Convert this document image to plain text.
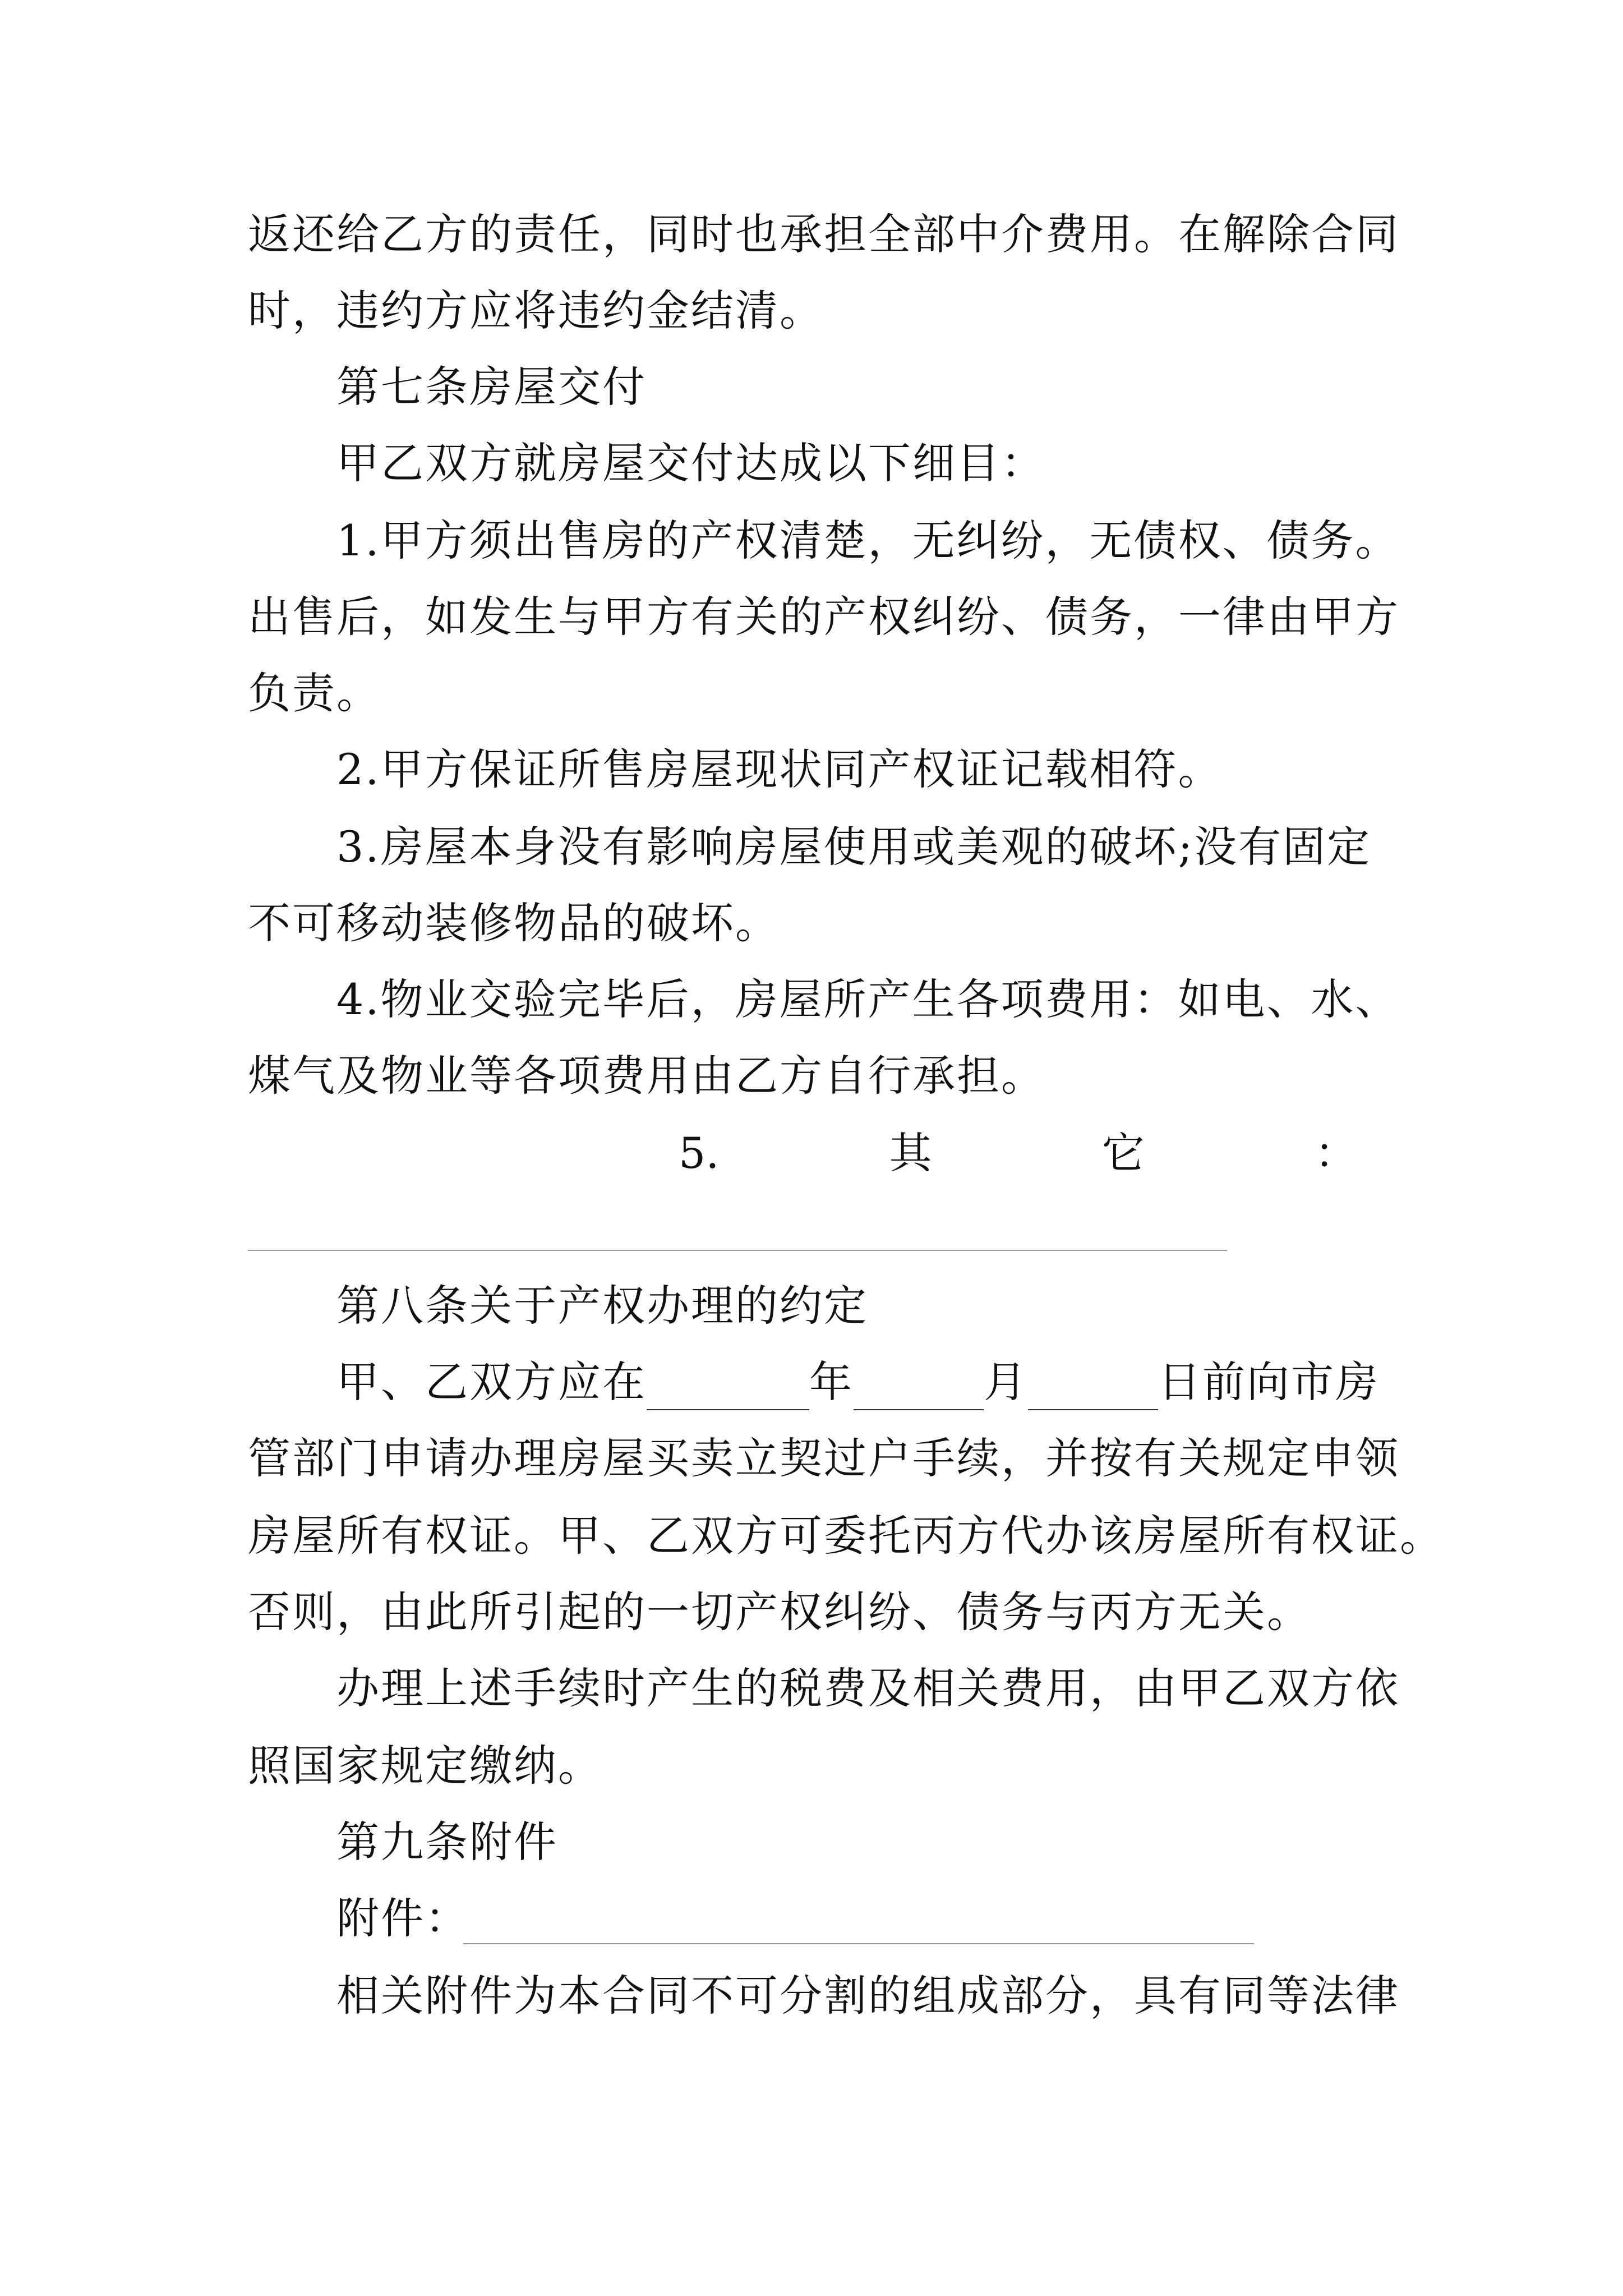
返还给乙方的责任，同时也承担全部中介费用。在解除合同
时，违约方应将违约金结清。
第七条房屋交付
甲乙双方就房屋交付达成以下细目：
1.甲方须出售房的产权清楚，无纠纷，无债权、债务。
出售后，如发生与甲方有关的产权纠纷、债务，一律由甲方
负责。
2.甲方保证所售房屋现状同产权证记载相符。
3.房屋本身没有影响房屋使用或美观的破坏;没有固定
不可移动装修物品的破坏。
4.物业交验完毕后，房屋所产生各项费用：如电、水、
煤气及物业等各项费用由乙方自行承担。
5.	其	它	：
第八条关于产权办理的约定
甲、乙双方应在	年	月	日前向市房
管部门申请办理房屋买卖立契过户手续，并按有关规定申领
房屋所有权证。甲、乙双方可委托丙方代办该房屋所有权证。
否则，由此所引起的一切产权纠纷、债务与丙方无关。
办理上述手续时产生的税费及相关费用，由甲乙双方依
照国家规定缴纳。
第九条附件
附件：
相关附件为本合同不可分割的组成部分，具有同等法律
